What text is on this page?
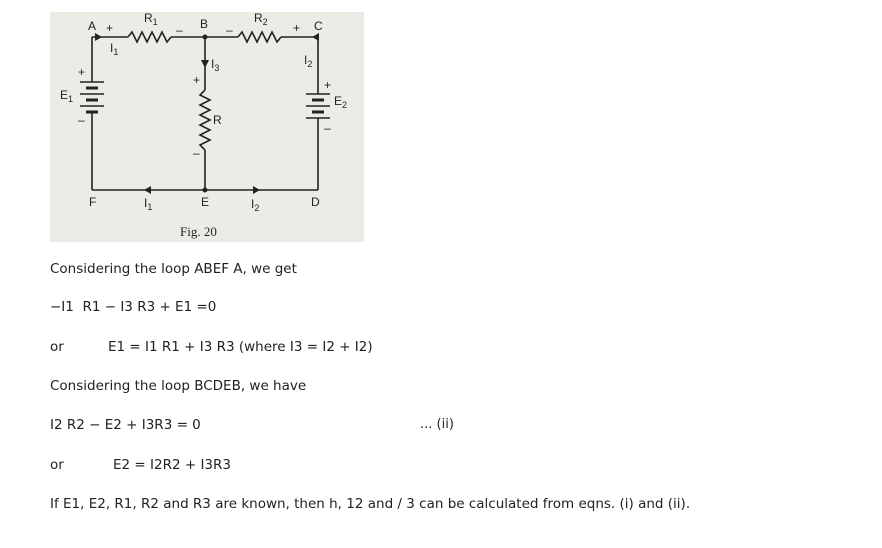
A	B	C
D
E
F
$R_1$	$R_2$
R
$E_1$	$E_2$
$I_1$
$I_2$
$I_3$
$I_1$	$I_2$
+	–	–	+
+
–
+
–
+
–
Fig. 20
Considering the loop ABEF A, we get
−I1  R1 − I3 R3 + E1 =0
or	E1 = I1 R1 + I3 R3 (where I3 = I2 + I2)
Considering the loop BCDEB, we have
I2 R2 − E2 + I3R3 = 0	... (ii)
or	E2 = I2R2 + I3R3
If E1, E2, R1, R2 and R3 are known, then h, 12 and / 3 can be calculated from eqns. (i) and (ii).
